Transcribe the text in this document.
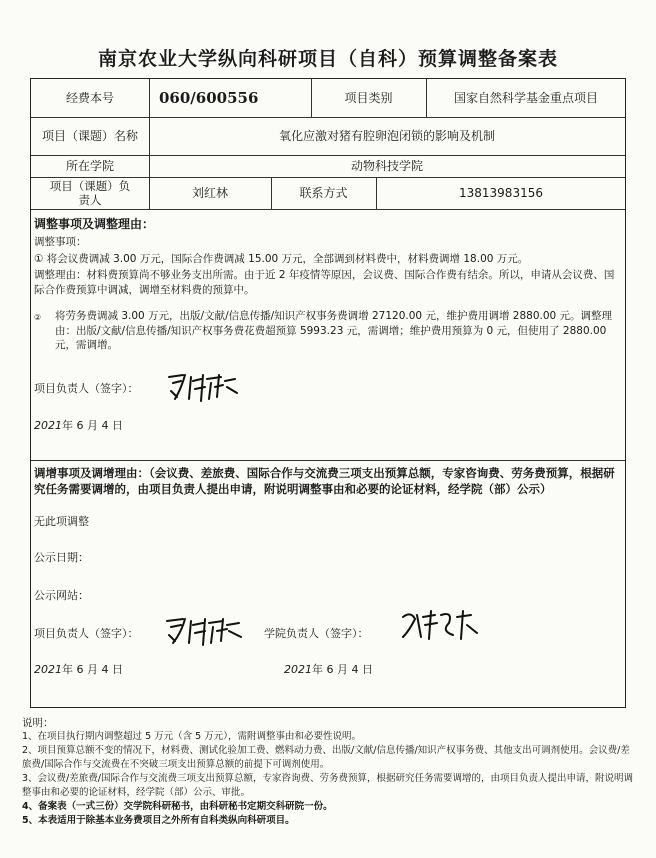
南京农业大学纵向科研项目（自科）预算调整备案表
经费本号	060/600556	项目类别	国家自然科学基金重点项目
项目（课题）名称	氧化应激对猪有腔卵泡闭锁的影响及机制
所在学院	动物科技学院
项目（课题）负责人	刘红林	联系方式	13813983156
调整事项及调整理由：
调整事项：
① 将会议费调减 3.00 万元，国际合作费调减 15.00 万元，全部调到材料费中，材料费调增 18.00 万元。
调整理由：材料费预算尚不够业务支出所需。由于近 2 年疫情等原因，会议费、国际合作费有结余。所以，申请从会议费、国际合作费预算中调减，调增至材料费的预算中。
② 将劳务费调减 3.00 万元，出版/文献/信息传播/知识产权事务费调增 27120.00 元，维护费用调增 2880.00 元。调整理由：出版/文献/信息传播/知识产权事务费花费超预算 5993.23 元，需调增；维护费用预算为 0 元，但使用了 2880.00 元，需调增。
项目负责人（签字）：
2021年 6 月 4 日
调增事项及调增理由：（会议费、差旅费、国际合作与交流费三项支出预算总额，专家咨询费、劳务费预算，根据研究任务需要调增的，由项目负责人提出申请，附说明调整事由和必要的论证材料，经学院（部）公示）
无此项调整
公示日期：
公示网站：
项目负责人（签字）：	学院负责人（签字）：
2021年 6 月 4 日	2021年 6 月 4 日

说明：

1、在项目执行期内调整超过 5 万元（含 5 万元），需附调整事由和必要性说明。

2、项目预算总额不变的情况下，材料费、测试化验加工费、燃料动力费、出版/文献/信息传播/知识产权事务费、其他支出可调剂使用。会议费/差旅费/国际合作与交流费在不突破三项支出预算总额的前提下可调剂使用。

3、会议费/差旅费/国际合作与交流费三项支出预算总额，专家咨询费、劳务费预算，根据研究任务需要调增的，由项目负责人提出申请，附说明调整事由和必要的论证材料，经学院（部）公示、审批。

4、备案表（一式三份）交学院科研秘书，由科研秘书定期交科研院一份。

5、本表适用于除基本业务费项目之外所有自科类纵向科研项目。
